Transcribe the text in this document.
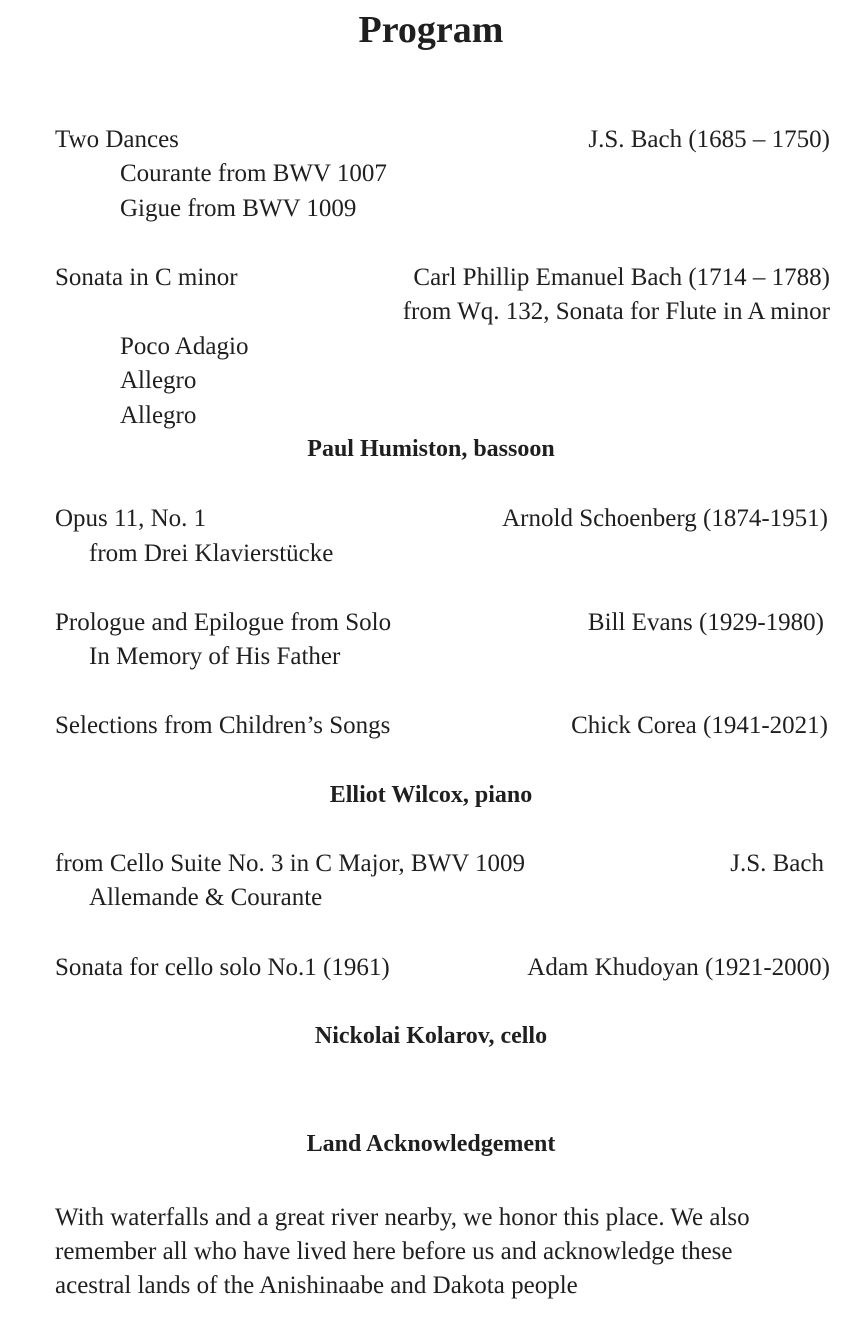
Program
Two Dances	J.S. Bach (1685 – 1750)
Courante from BWV 1007
Gigue from BWV 1009
Sonata in C minor	Carl Phillip Emanuel Bach (1714 – 1788)
from Wq. 132, Sonata for Flute in A minor
Poco Adagio
Allegro
Allegro
Paul Humiston, bassoon
Opus 11, No. 1	Arnold Schoenberg (1874-1951)
from Drei Klavierstücke
Prologue and Epilogue from Solo	Bill Evans (1929-1980)
In Memory of His Father
Selections from Children’s Songs	Chick Corea (1941-2021)
Elliot Wilcox, piano
from Cello Suite No. 3 in C Major, BWV 1009	J.S. Bach
Allemande & Courante
Sonata for cello solo No.1 (1961)	Adam Khudoyan (1921-2000)
Nickolai Kolarov, cello
Land Acknowledgement

With waterfalls and a great river nearby, we honor this place. We also

remember all who have lived here before us and acknowledge these

acestral lands of the Anishinaabe and Dakota people
